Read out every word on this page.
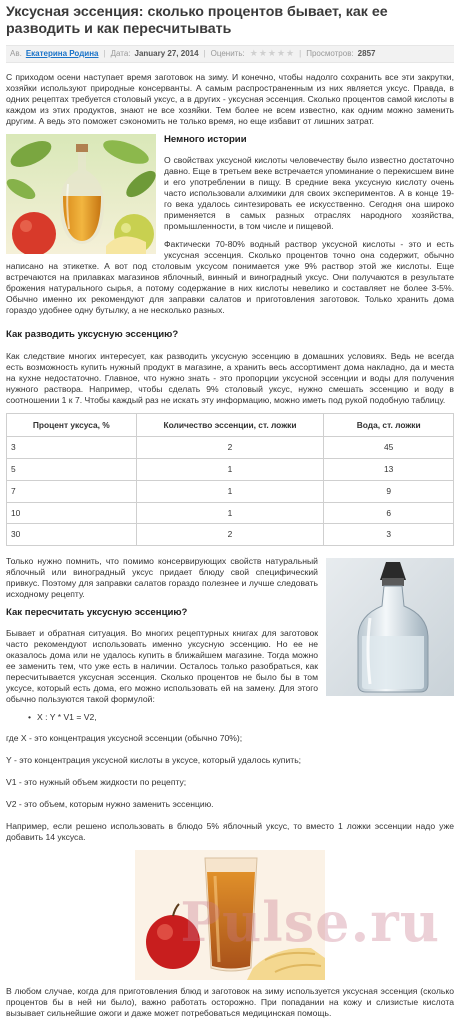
Уксусная эссенция: сколько процентов бывает, как ее разводить и как пересчитывать
Ав. Екатерина Родина | Дата: January 27, 2014 | Оценить: ★ ★ ★ ★ ★ | Просмотров: 2857

С приходом осени наступает время заготовок на зиму. И конечно, чтобы надолго сохранить все эти закрутки, хозяйки используют природные консерванты. А самым распространенным из них является уксус. Правда, в одних рецептах требуется столовый уксус, а в других - уксусная эссенция. Сколько процентов самой кислоты в каждом из этих продуктов, знают не все хозяйки. Тем более не всем известно, как одним можно заменить другим. А ведь это поможет сэкономить не только время, но еще избавит от лишних затрат.

Немного истории

О свойствах уксусной кислоты человечеству было известно достаточно давно. Еще в третьем веке встречается упоминание о перекисшем вине и его употреблении в пищу. В средние века уксусную кислоту очень часто использовали алхимики для своих экспериментов. А в конце 19-го века удалось синтезировать ее искусственно. Сегодня она широко применяется в самых разных отраслях народного хозяйства, промышленности, в том числе и пищевой.

Фактически 70-80% водный раствор уксусной кислоты - это и есть уксусная эссенция. Сколько процентов точно она содержит, обычно написано на этикетке. А вот под столовым уксусом понимается уже 9% раствор этой же кислоты. Еще встречаются на прилавках магазинов яблочный, винный и виноградный уксус. Они получаются в результате брожения натурального сырья, а потому содержание в них кислоты невелико и составляет не более 3-5%. Обычно именно их рекомендуют для заправки салатов и приготовления заготовок. Только хранить дома гораздо удобнее одну бутылку, а не несколько разных.

Как разводить уксусную эссенцию?

Как следствие многих интересует, как разводить уксусную эссенцию в домашних условиях. Ведь не всегда есть возможность купить нужный продукт в магазине, а хранить весь ассортимент дома накладно, да и места на кухне недостаточно. Главное, что нужно знать - это пропорции уксусной эссенции и воды для получения нужного раствора. Например, чтобы сделать 9% столовый уксус, нужно смешать эссенцию и воду в соотношении 1 к 7. Чтобы каждый раз не искать эту информацию, можно иметь под рукой подобную таблицу.

Процент уксуса, %	Количество эссенции, ст. ложки	Вода, ст. ложки
3	2	45
5	1	13
7	1	9
10	1	6
30	2	3

Только нужно помнить, что помимо консервирующих свойств натуральный яблочный или виноградный уксус придает блюду свой специфический привкус. Поэтому для заправки салатов гораздо полезнее и лучше следовать исходному рецепту.

Как пересчитать уксусную эссенцию?

Бывает и обратная ситуация. Во многих рецептурных книгах для заготовок часто рекомендуют использовать именно уксусную эссенцию. Но ее не оказалось дома или не удалось купить в ближайшем магазине. Тогда можно ее заменить тем, что уже есть в наличии. Осталось только разобраться, как пересчитывается уксусная эссенция. Сколько процентов не было бы в том уксусе, который есть дома, его можно использовать ей на замену. Для этого обычно пользуются такой формулой:

• X : Y * V1 = V2,

где X - это концентрация уксусной эссенции (обычно 70%);

Y - это концентрация уксусной кислоты в уксусе, который удалось купить;

V1 - это нужный объем жидкости по рецепту;

V2 - это объем, которым нужно заменить эссенцию.

Например, если решено использовать в блюдо 5% яблочный уксус, то вместо 1 ложки эссенции надо уже добавить 14 уксуса.

В любом случае, когда для приготовления блюд и заготовок на зиму используется уксусная эссенция (сколько процентов бы в ней ни было), важно работать осторожно. При попадании на кожу и слизистые кислота вызывает сильнейшие ожоги и даже может потребоваться медицинская помощь.

Pulse.ru
